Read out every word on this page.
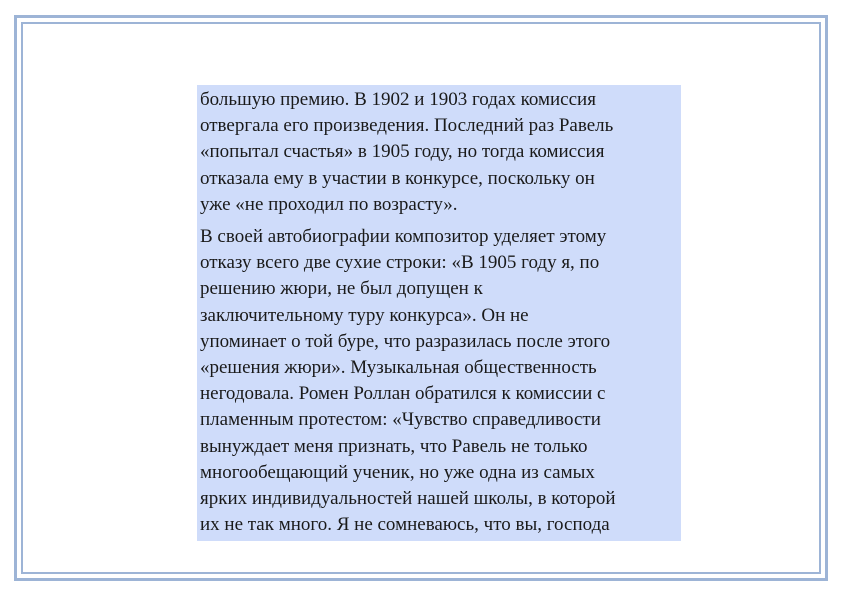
большую премию. В 1902 и 1903 годах комиссия
отвергала его произведения. Последний раз Равель
«попытал счастья» в 1905 году, но тогда комиссия
отказала ему в участии в конкурсе, поскольку он
уже «не проходил по возрасту».
В своей автобиографии композитор уделяет этому
отказу всего две сухие строки: «В 1905 году я, по
решению жюри, не был допущен к
заключительному туру конкурса». Он не
упоминает о той буре, что разразилась после этого
«решения жюри». Музыкальная общественность
негодовала. Ромен Роллан обратился к комиссии с
пламенным протестом: «Чувство справедливости
вынуждает меня признать, что Равель не только
многообещающий ученик, но уже одна из самых
ярких индивидуальностей нашей школы, в которой
их не так много. Я не сомневаюсь, что вы, господа
